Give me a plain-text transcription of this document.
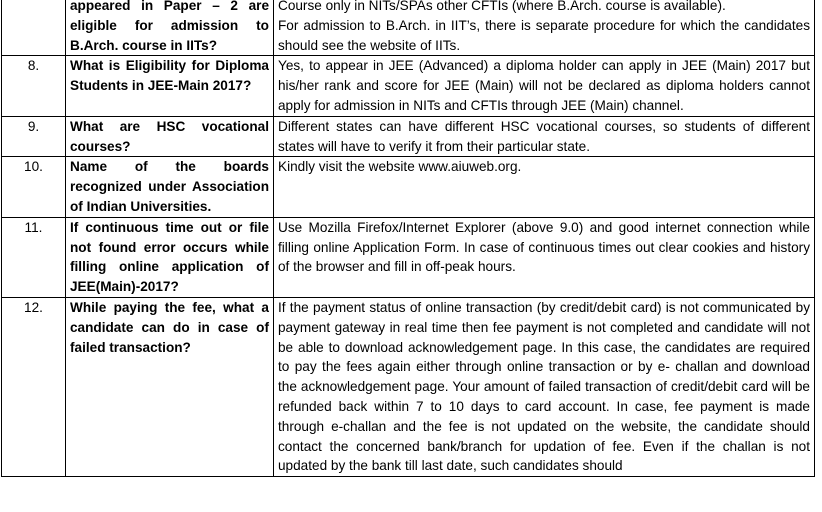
	appeared in Paper – 2 are eligible for admission to B.Arch. course in IITs?	Course only in NITs/SPAs other CFTIs (where B.Arch. course is available).

For admission to B.Arch. in IIT’s, there is separate procedure for which the candidates should see the website of IITs.

8.	What is Eligibility for Diploma Students in JEE-Main 2017?	Yes, to appear in JEE (Advanced) a diploma holder can apply in JEE (Main) 2017 but his/her rank and score for JEE (Main) will not be declared as diploma holders cannot apply for admission in NITs and CFTIs through JEE (Main) channel.

9.	What are HSC vocational courses?	Different states can have different HSC vocational courses, so students of different states will have to verify it from their particular state.

10.	Name of the boards recognized under Association of Indian Universities.	Kindly visit the website www.aiuweb.org.

11.	If continuous time out or file not found error occurs while filling online application of JEE(Main)-2017?	Use Mozilla Firefox/Internet Explorer (above 9.0) and good internet connection while filling online Application Form. In case of continuous times out clear cookies and history of the browser and fill in off-peak hours.

12.	While paying the fee, what a candidate can do in case of failed transaction?	If the payment status of online transaction (by credit/debit card) is not communicated by payment gateway in real time then fee payment is not completed and candidate will not be able to download acknowledgement page. In this case, the candidates are required to pay the fees again either through online transaction or by e- challan and download the acknowledgement page. Your amount of failed transaction of credit/debit card will be refunded back within 7 to 10 days to card account. In case, fee payment is made through e-challan and the fee is not updated on the website, the candidate should contact the concerned bank/branch for updation of fee. Even if the challan is not updated by the bank till last date, such candidates should
